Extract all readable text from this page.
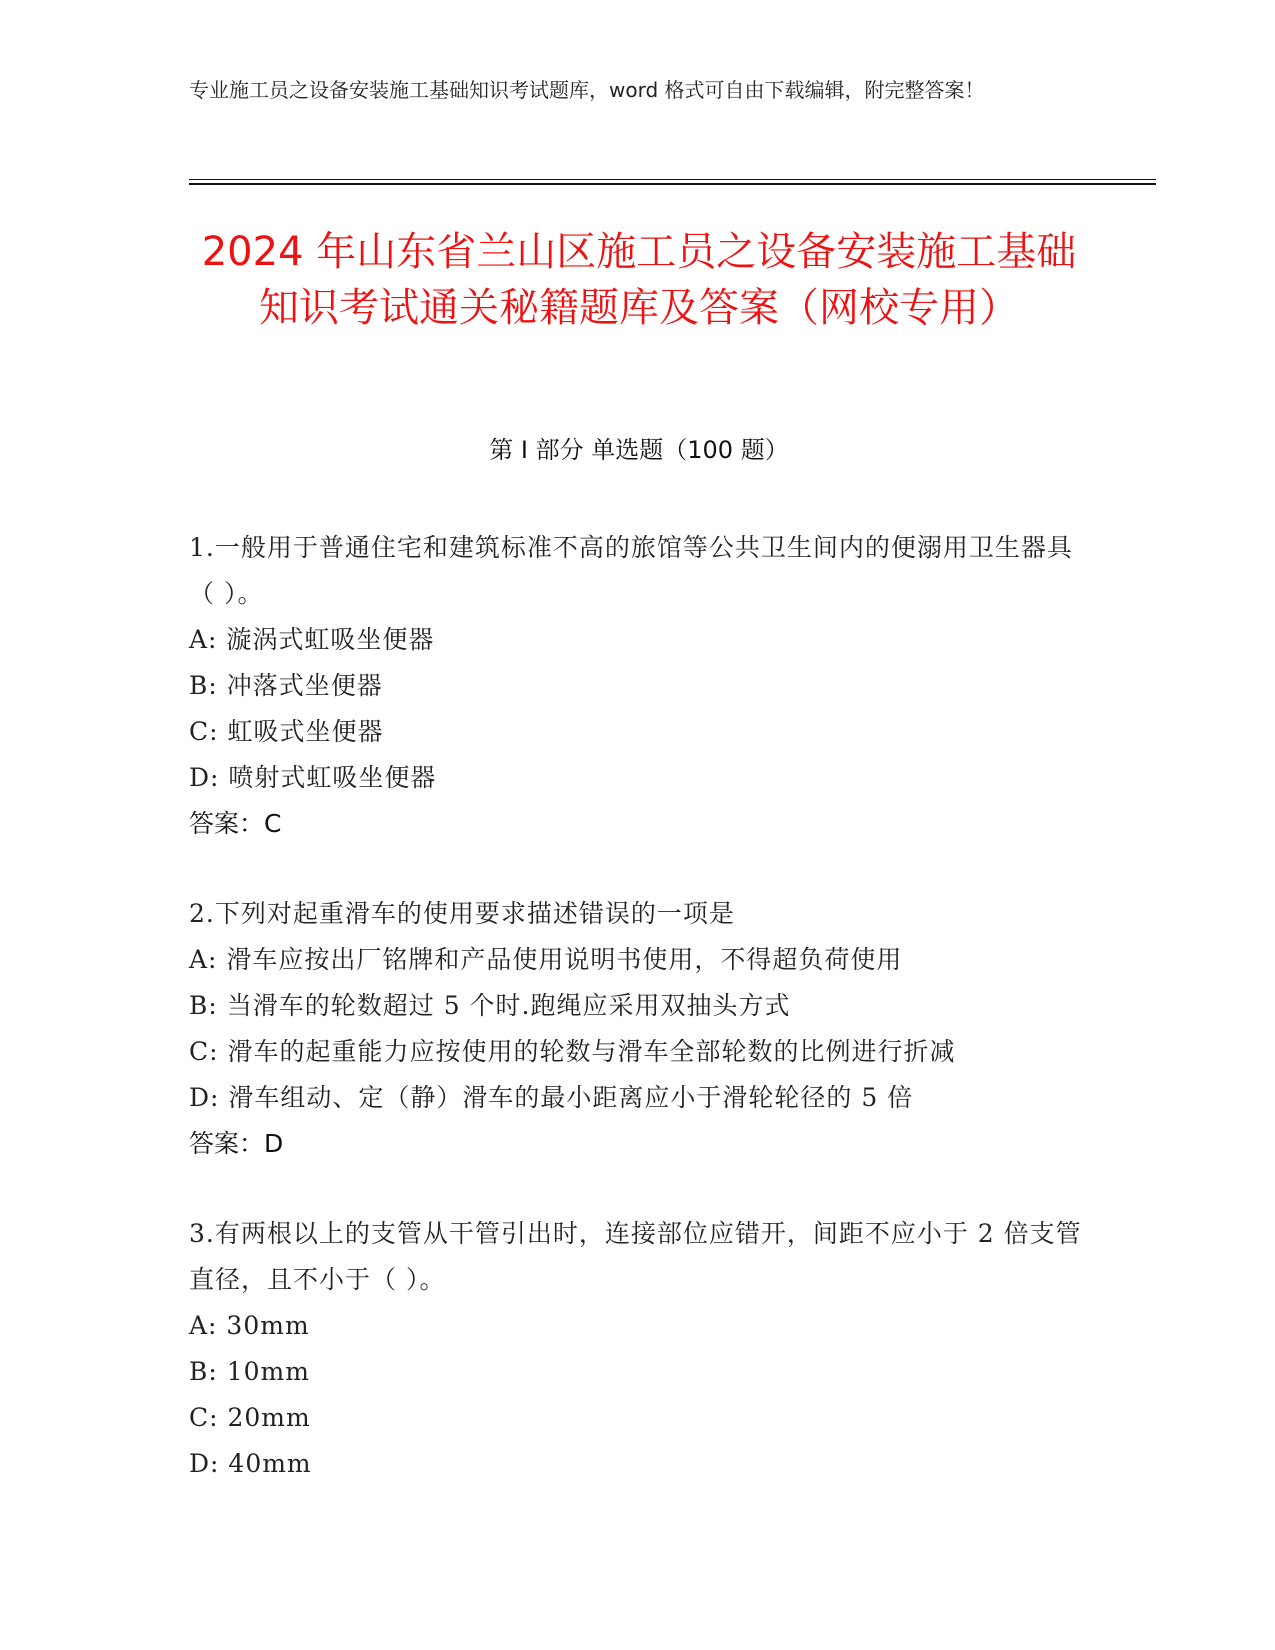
专业施工员之设备安装施工基础知识考试题库，word 格式可自由下载编辑，附完整答案！
2024 年山东省兰山区施工员之设备安装施工基础知识考试通关秘籍题库及答案（网校专用）
第 I 部分 单选题（100 题）
1.一般用于普通住宅和建筑标准不高的旅馆等公共卫生间内的便溺用卫生器具（ ）。
A: 漩涡式虹吸坐便器
B: 冲落式坐便器
C: 虹吸式坐便器
D: 喷射式虹吸坐便器
答案：C
2.下列对起重滑车的使用要求描述错误的一项是
A: 滑车应按出厂铭牌和产品使用说明书使用，不得超负荷使用
B: 当滑车的轮数超过 5 个时.跑绳应采用双抽头方式
C: 滑车的起重能力应按使用的轮数与滑车全部轮数的比例进行折减
D: 滑车组动、定（静）滑车的最小距离应小于滑轮轮径的 5 倍
答案：D
3.有两根以上的支管从干管引出时，连接部位应错开，间距不应小于 2 倍支管直径，且不小于（ ）。
A: 30mm
B: 10mm
C: 20mm
D: 40mm
